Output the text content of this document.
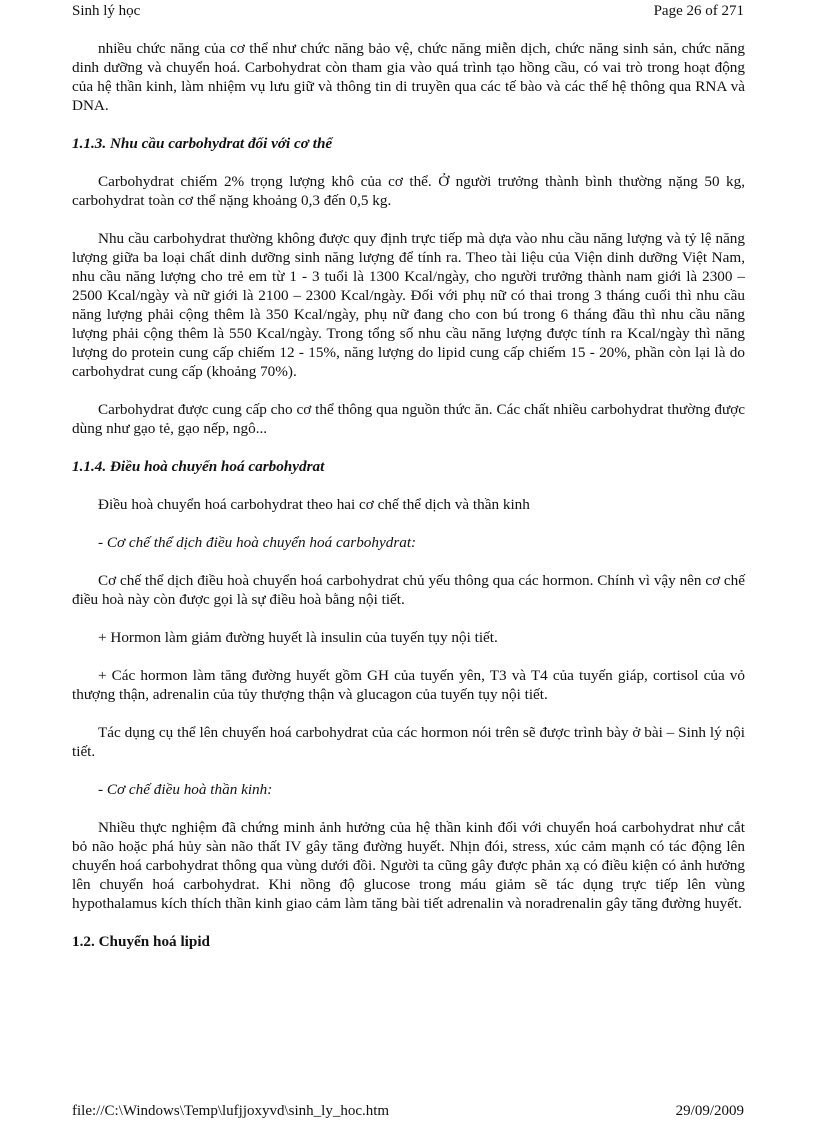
Sinh lý học	Page 26 of 271

nhiều chức năng của cơ thể như chức năng bảo vệ, chức năng miễn dịch, chức năng sinh sản, chức năng dinh dưỡng và chuyển hoá. Carbohydrat còn tham gia vào quá trình tạo hồng cầu, có vai trò trong hoạt động của hệ thần kinh, làm nhiệm vụ lưu giữ và thông tin di truyền qua các tế bào và các thế hệ thông qua RNA và DNA.

1.1.3. Nhu cầu carbohydrat đối với cơ thể

Carbohydrat chiếm 2% trọng lượng khô của cơ thể. Ở người trưởng thành bình thường nặng 50 kg, carbohydrat toàn cơ thể nặng khoảng 0,3 đến 0,5 kg.

Nhu cầu carbohydrat thường không được quy định trực tiếp mà dựa vào nhu cầu năng lượng và tỷ lệ năng lượng giữa ba loại chất dinh dưỡng sinh năng lượng để tính ra. Theo tài liệu của Viện dinh dưỡng Việt Nam, nhu cầu năng lượng cho trẻ em từ 1 - 3 tuổi là 1300 Kcal/ngày, cho người trưởng thành nam giới là 2300 – 2500 Kcal/ngày và nữ giới là 2100 – 2300 Kcal/ngày. Đối với phụ nữ có thai trong 3 tháng cuối thì nhu cầu năng lượng phải cộng thêm là 350 Kcal/ngày, phụ nữ đang cho con bú trong 6 tháng đầu thì nhu cầu năng lượng phải cộng thêm là 550 Kcal/ngày. Trong tổng số nhu cầu năng lượng được tính ra Kcal/ngày thì năng lượng do protein cung cấp chiếm 12 - 15%, năng lượng do lipid cung cấp chiếm 15 - 20%, phần còn lại là do carbohydrat cung cấp (khoảng 70%).

Carbohydrat được cung cấp cho cơ thể thông qua nguồn thức ăn. Các chất nhiều carbohydrat thường được dùng như gạo tẻ, gạo nếp, ngô...

1.1.4. Điều hoà chuyển hoá carbohydrat

Điều hoà chuyển hoá carbohydrat theo hai cơ chế thể dịch và thần kinh

- Cơ chế thể dịch điều hoà chuyển hoá carbohydrat:

Cơ chế thể dịch điều hoà chuyển hoá carbohydrat chủ yếu thông qua các hormon. Chính vì vậy nên cơ chế điều hoà này còn được gọi là sự điều hoà bằng nội tiết.

+ Hormon làm giảm đường huyết là insulin của tuyến tụy nội tiết.

+ Các hormon làm tăng đường huyết gồm GH của tuyến yên, T3 và T4 của tuyến giáp, cortisol của vỏ thượng thận, adrenalin của tủy thượng thận và glucagon của tuyến tụy nội tiết.

Tác dụng cụ thể lên chuyển hoá carbohydrat của các hormon nói trên sẽ được trình bày ở bài – Sinh lý nội tiết.

- Cơ chế điều hoà thần kinh:

Nhiều thực nghiệm đã chứng minh ảnh hưởng của hệ thần kinh đối với chuyển hoá carbohydrat như cắt bỏ não hoặc phá hủy sàn não thất IV gây tăng đường huyết. Nhịn đói, stress, xúc cảm mạnh có tác động lên chuyển hoá carbohydrat thông qua vùng dưới đồi. Người ta cũng gây được phản xạ có điều kiện có ảnh hưởng lên chuyển hoá carbohydrat. Khi nồng độ glucose trong máu giảm sẽ tác dụng trực tiếp lên vùng hypothalamus kích thích thần kinh giao cảm làm tăng bài tiết adrenalin và noradrenalin gây tăng đường huyết.

1.2. Chuyển hoá lipid

file://C:\Windows\Temp\lufjjoxyvd\sinh_ly_hoc.htm	29/09/2009
